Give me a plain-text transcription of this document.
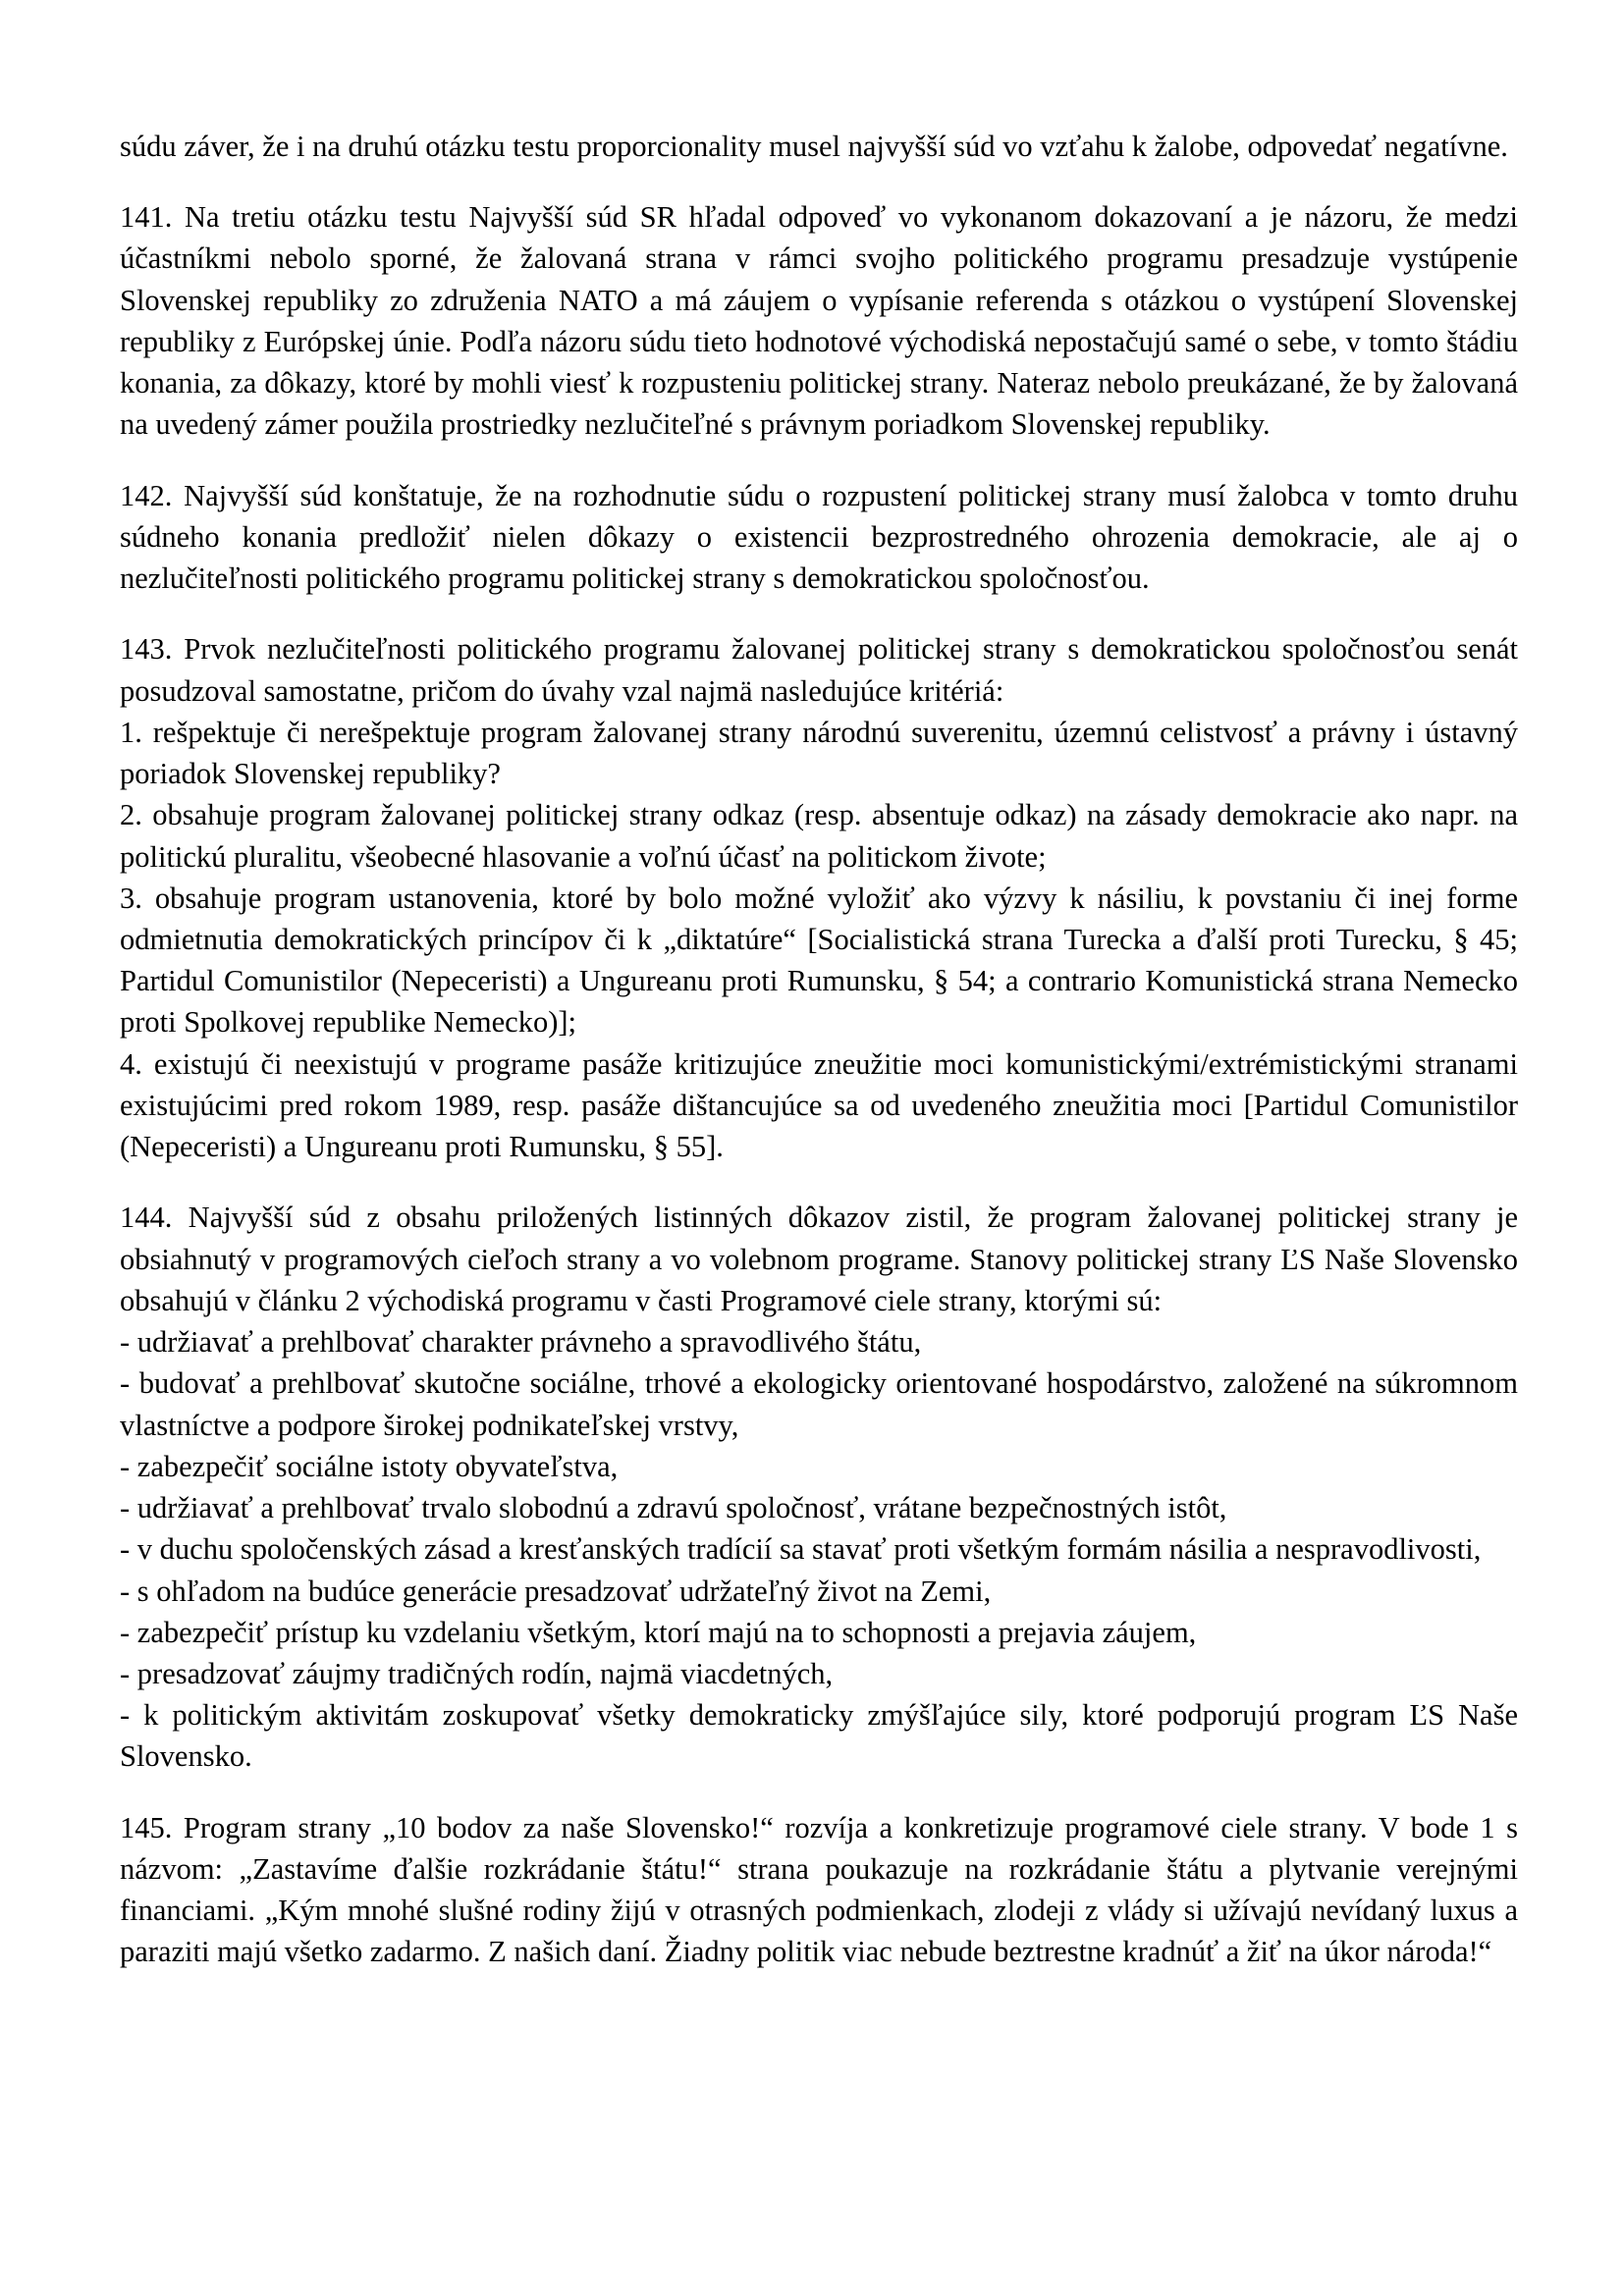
súdu záver, že i na druhú otázku testu proporcionality musel najvyšší súd vo vzťahu k žalobe, odpovedať negatívne.

141. Na tretiu otázku testu Najvyšší súd SR hľadal odpoveď vo vykonanom dokazovaní a je názoru, že medzi účastníkmi nebolo sporné, že žalovaná strana v rámci svojho politického programu presadzuje vystúpenie Slovenskej republiky zo združenia NATO a má záujem o vypísanie referenda s otázkou o vystúpení Slovenskej republiky z Európskej únie. Podľa názoru súdu tieto hodnotové východiská nepostačujú samé o sebe, v tomto štádiu konania, za dôkazy, ktoré by mohli viesť k rozpusteniu politickej strany. Nateraz nebolo preukázané, že by žalovaná na uvedený zámer použila prostriedky nezlučiteľné s právnym poriadkom Slovenskej republiky.

142. Najvyšší súd konštatuje, že na rozhodnutie súdu o rozpustení politickej strany musí žalobca v tomto druhu súdneho konania predložiť nielen dôkazy o existencii bezprostredného ohrozenia demokracie, ale aj o nezlučiteľnosti politického programu politickej strany s demokratickou spoločnosťou.

143. Prvok nezlučiteľnosti politického programu žalovanej politickej strany s demokratickou spoločnosťou senát posudzoval samostatne, pričom do úvahy vzal najmä nasledujúce kritériá:

1. rešpektuje či nerešpektuje program žalovanej strany národnú suverenitu, územnú celistvosť a právny i ústavný poriadok Slovenskej republiky?

2. obsahuje program žalovanej politickej strany odkaz (resp. absentuje odkaz) na zásady demokracie ako napr. na politickú pluralitu, všeobecné hlasovanie a voľnú účasť na politickom živote;

3. obsahuje program ustanovenia, ktoré by bolo možné vyložiť ako výzvy k násiliu, k povstaniu či inej forme odmietnutia demokratických princípov či k „diktatúre“ [Socialistická strana Turecka a ďalší proti Turecku, § 45; Partidul Comunistilor (Nepeceristi) a Ungureanu proti Rumunsku, § 54; a contrario Komunistická strana Nemecko proti Spolkovej republike Nemecko)];

4. existujú či neexistujú v programe pasáže kritizujúce zneužitie moci komunistickými/extrémistickými stranami existujúcimi pred rokom 1989, resp. pasáže dištancujúce sa od uvedeného zneužitia moci [Partidul Comunistilor (Nepeceristi) a Ungureanu proti Rumunsku, § 55].

144. Najvyšší súd z obsahu priložených listinných dôkazov zistil, že program žalovanej politickej strany je obsiahnutý v programových cieľoch strany a vo volebnom programe. Stanovy politickej strany ĽS Naše Slovensko obsahujú v článku 2 východiská programu v časti Programové ciele strany, ktorými sú:

- udržiavať a prehlbovať charakter právneho a spravodlivého štátu,

- budovať a prehlbovať skutočne sociálne, trhové a ekologicky orientované hospodárstvo, založené na súkromnom vlastníctve a podpore širokej podnikateľskej vrstvy,

- zabezpečiť sociálne istoty obyvateľstva,

- udržiavať a prehlbovať trvalo slobodnú a zdravú spoločnosť, vrátane bezpečnostných istôt,

- v duchu spoločenských zásad a kresťanských tradícií sa stavať proti všetkým formám násilia a nespravodlivosti,

- s ohľadom na budúce generácie presadzovať udržateľný život na Zemi,

- zabezpečiť prístup ku vzdelaniu všetkým, ktorí majú na to schopnosti a prejavia záujem,

- presadzovať záujmy tradičných rodín, najmä viacdetných,

- k politickým aktivitám zoskupovať všetky demokraticky zmýšľajúce sily, ktoré podporujú program ĽS Naše Slovensko.

145. Program strany „10 bodov za naše Slovensko!“ rozvíja a konkretizuje programové ciele strany. V bode 1 s názvom: „Zastavíme ďalšie rozkrádanie štátu!“ strana poukazuje na rozkrádanie štátu a plytvanie verejnými financiami. „Kým mnohé slušné rodiny žijú v otrasných podmienkach, zlodeji z vlády si užívajú nevídaný luxus a paraziti majú všetko zadarmo. Z našich daní. Žiadny politik viac nebude beztrestne kradnúť a žiť na úkor národa!“
